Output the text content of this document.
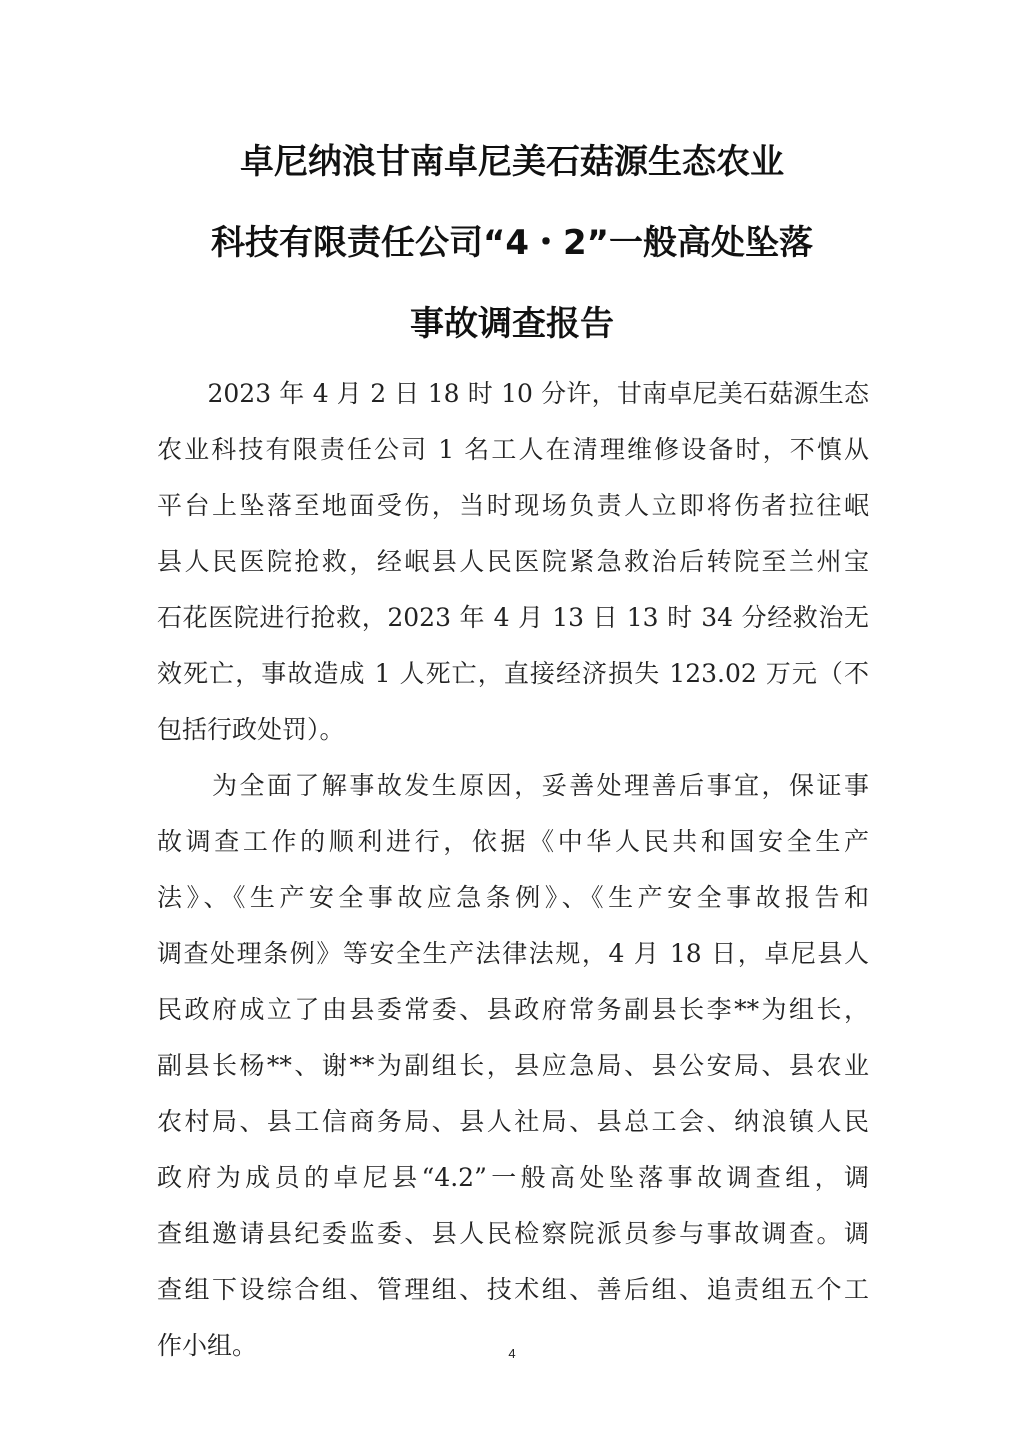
卓尼纳浪甘南卓尼美石菇源生态农业
科技有限责任公司“4・2”一般高处坠落
事故调查报告
　　2023 年 4 月 2 日 18 时 10 分许，甘南卓尼美石菇源生态
农业科技有限责任公司 1 名工人在清理维修设备时，不慎从
平台上坠落至地面受伤，当时现场负责人立即将伤者拉往岷
县人民医院抢救，经岷县人民医院紧急救治后转院至兰州宝
石花医院进行抢救，2023 年 4 月 13 日 13 时 34 分经救治无
效死亡，事故造成 1 人死亡，直接经济损失 123.02 万元（不
包括行政处罚）。
　　为全面了解事故发生原因，妥善处理善后事宜，保证事
故调查工作的顺利进行，依据《中华人民共和国安全生产
法》、《生产安全事故应急条例》、《生产安全事故报告和
调查处理条例》等安全生产法律法规，4 月 18 日，卓尼县人
民政府成立了由县委常委、县政府常务副县长李**为组长，
副县长杨**、谢**为副组长，县应急局、县公安局、县农业
农村局、县工信商务局、县人社局、县总工会、纳浪镇人民
政府为成员的卓尼县“4.2”一般高处坠落事故调查组，调
查组邀请县纪委监委、县人民检察院派员参与事故调查。调
查组下设综合组、管理组、技术组、善后组、追责组五个工
作小组。	4
